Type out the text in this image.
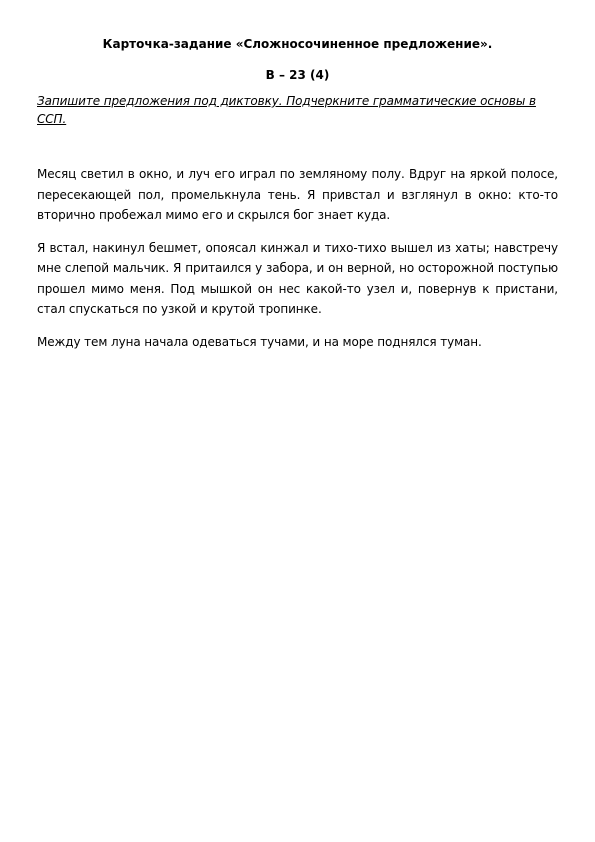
Карточка-задание «Сложносочиненное предложение».
В – 23 (4)
Запишите предложения под диктовку. Подчеркните грамматические основы в ССП.

Месяц светил в окно, и луч его играл по земляному полу. Вдруг на яркой полосе, пересекающей пол, промелькнула тень. Я привстал и взглянул в окно: кто-то вторично пробежал мимо его и скрылся бог знает куда.

Я встал, накинул бешмет, опоясал кинжал и тихо-тихо вышел из хаты; навстречу мне слепой мальчик. Я притаился у забора, и он верной, но осторожной поступью прошел мимо меня. Под мышкой он нес какой-то узел и, повернув к пристани, стал спускаться по узкой и крутой тропинке.

Между тем луна начала одеваться тучами, и на море поднялся туман.
